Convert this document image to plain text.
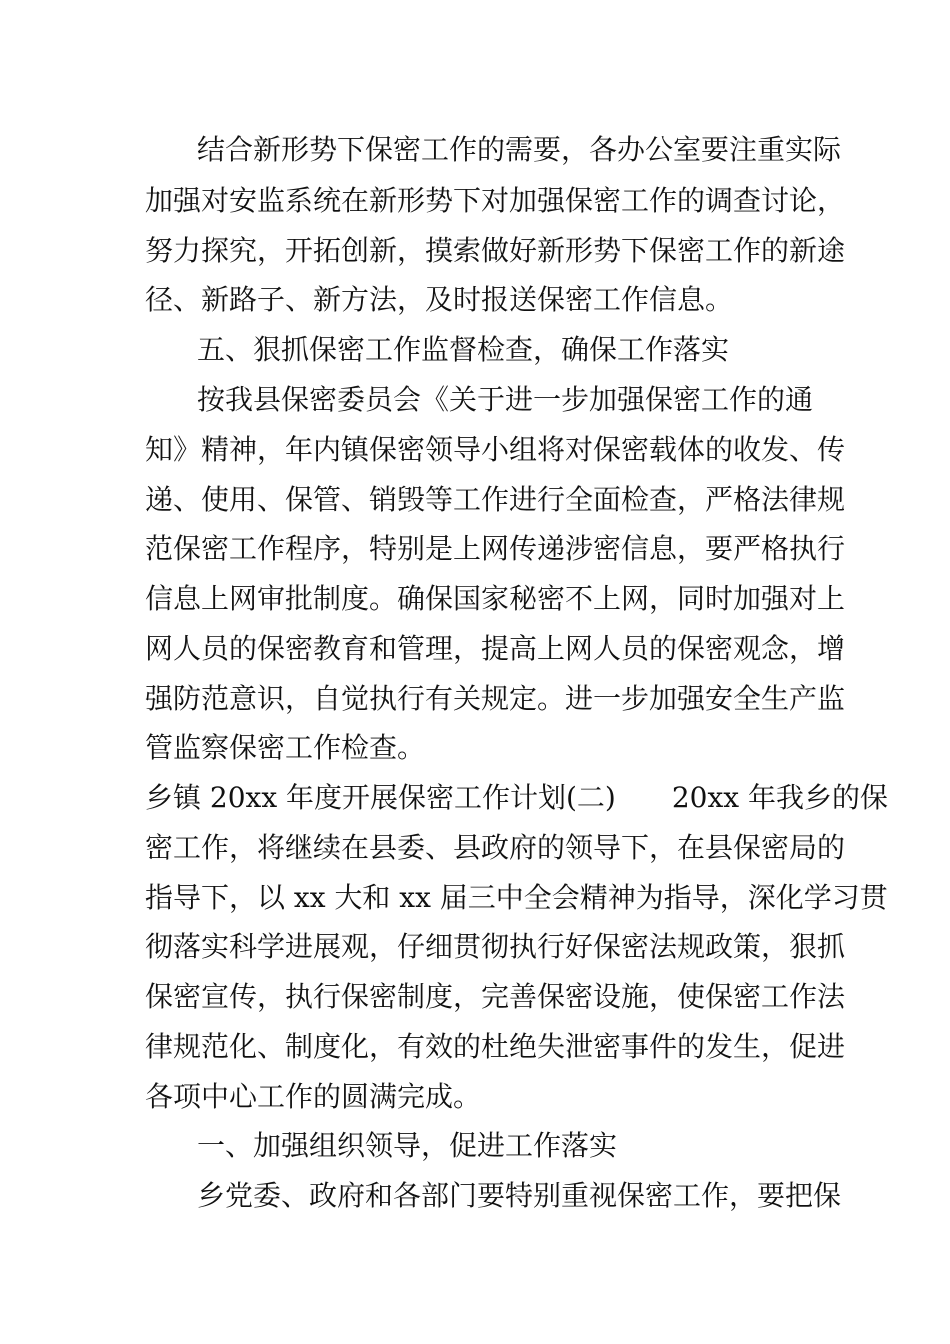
结合新形势下保密工作的需要，各办公室要注重实际
加强对安监系统在新形势下对加强保密工作的调查讨论，
努力探究，开拓创新，摸索做好新形势下保密工作的新途
径、新路子、新方法，及时报送保密工作信息。
五、狠抓保密工作监督检查，确保工作落实
按我县保密委员会《关于进一步加强保密工作的通
知》精神，年内镇保密领导小组将对保密载体的收发、传
递、使用、保管、销毁等工作进行全面检查，严格法律规
范保密工作程序，特别是上网传递涉密信息，要严格执行
信息上网审批制度。确保国家秘密不上网，同时加强对上
网人员的保密教育和管理，提高上网人员的保密观念，增
强防范意识，自觉执行有关规定。进一步加强安全生产监
管监察保密工作检查。
乡镇 20xx 年度开展保密工作计划(二)　　20xx 年我乡的保
密工作，将继续在县委、县政府的领导下，在县保密局的
指导下，以 xx 大和 xx 届三中全会精神为指导，深化学习贯
彻落实科学进展观，仔细贯彻执行好保密法规政策，狠抓
保密宣传，执行保密制度，完善保密设施，使保密工作法
律规范化、制度化，有效的杜绝失泄密事件的发生，促进
各项中心工作的圆满完成。
一、加强组织领导，促进工作落实
乡党委、政府和各部门要特别重视保密工作，要把保
